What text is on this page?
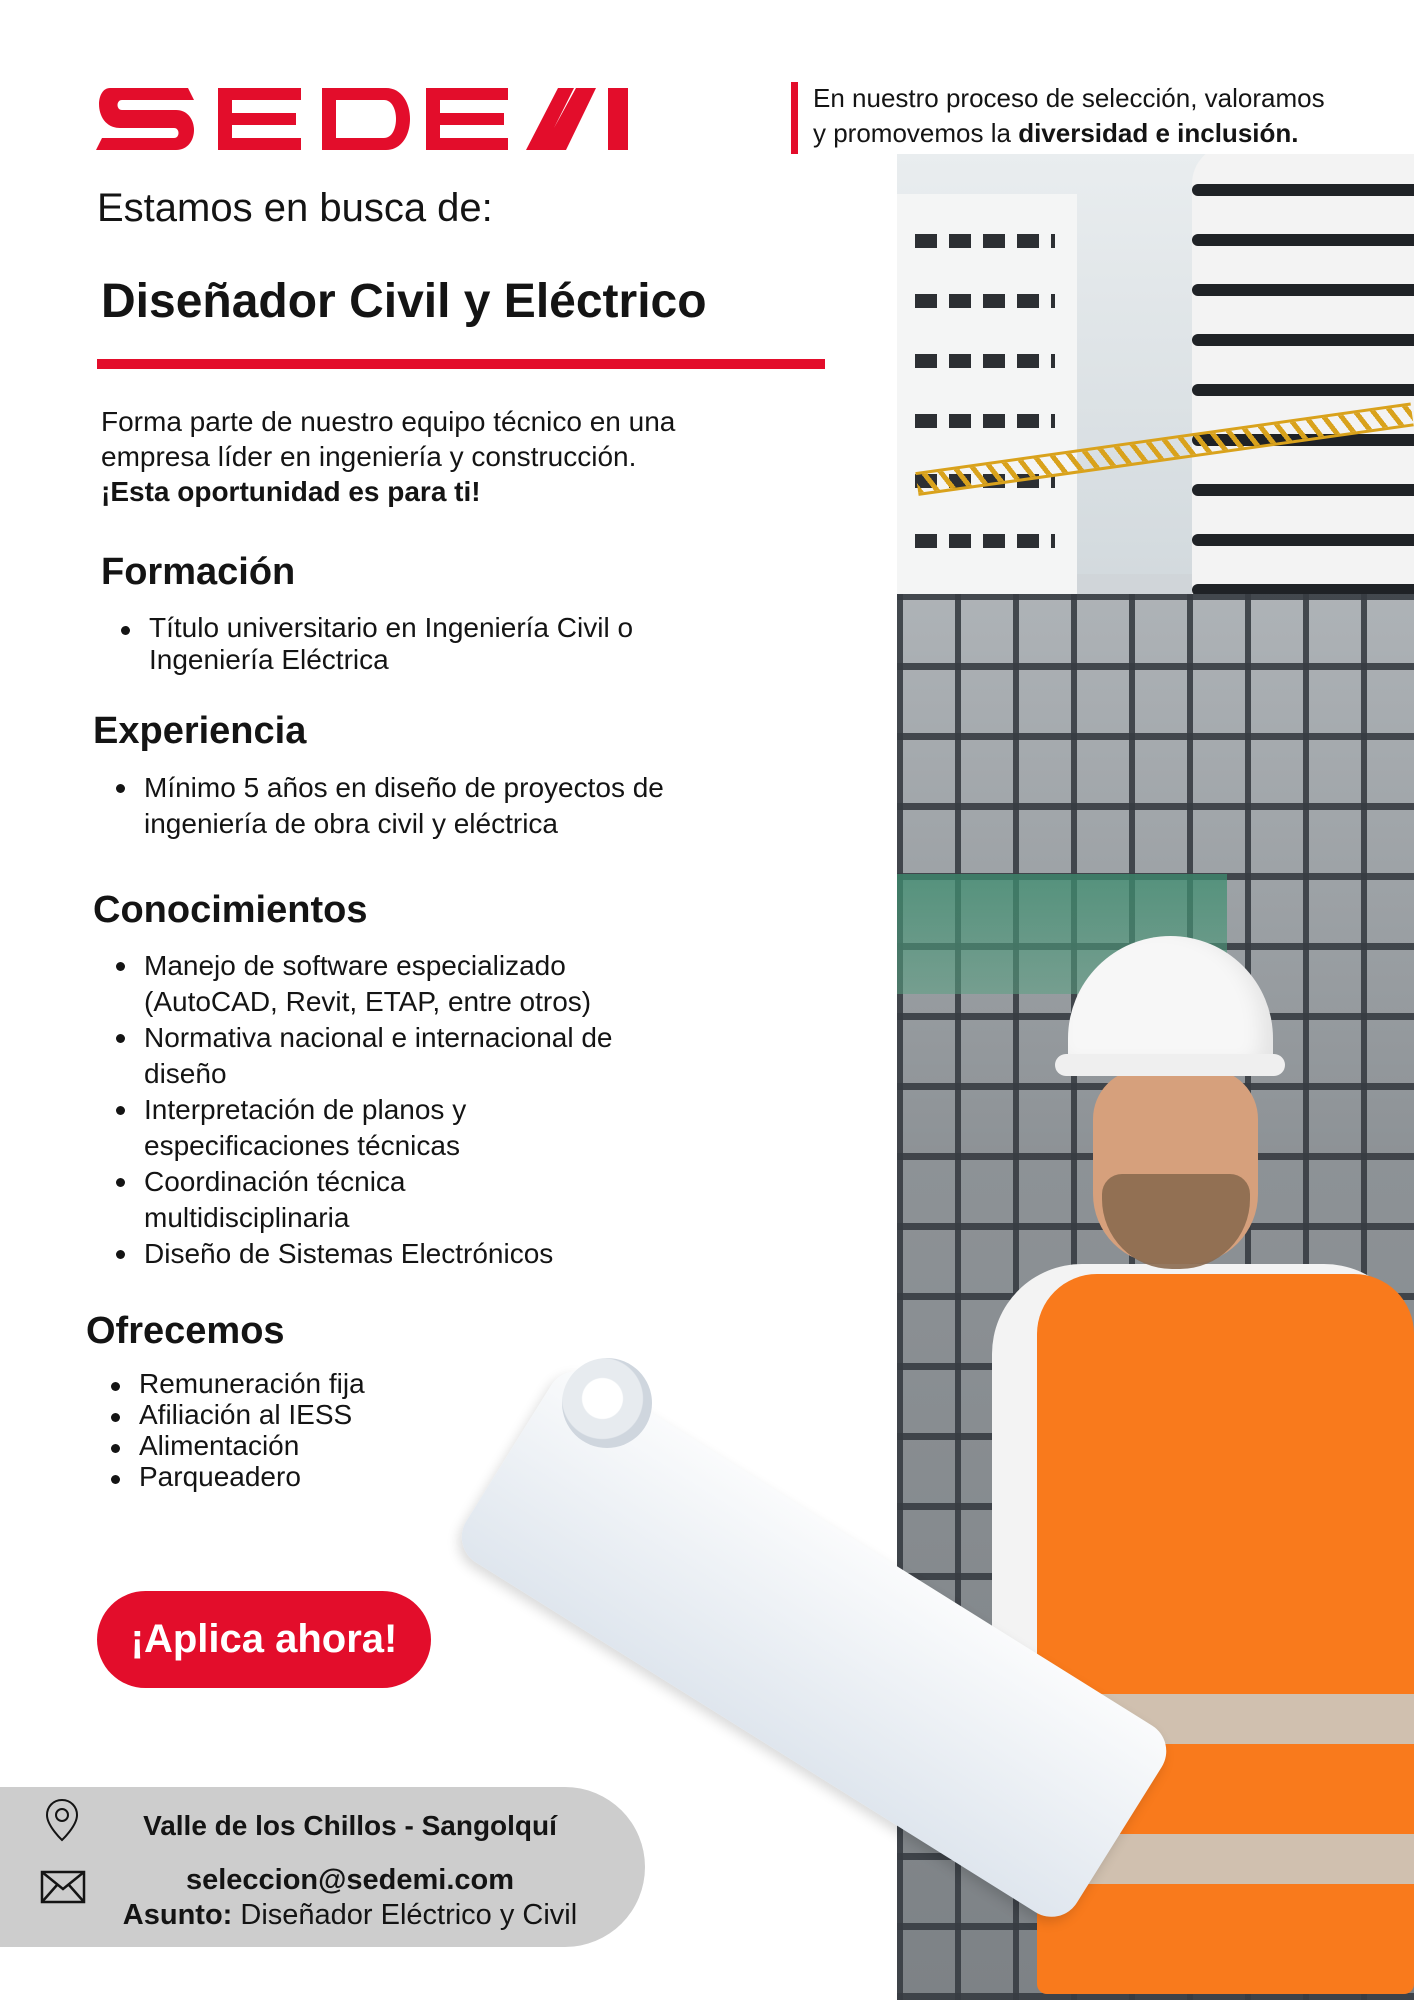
En nuestro proceso de selección, valoramos
y promovemos la diversidad e inclusión.
Estamos en busca de:
Diseñador Civil y Eléctrico
Forma parte de nuestro equipo técnico en una
empresa líder en ingeniería y construcción.
¡Esta oportunidad es para ti!
Formación
Título universitario en Ingeniería Civil o Ingeniería Eléctrica
Experiencia
Mínimo 5 años en diseño de proyectos de ingeniería de obra civil y eléctrica
Conocimientos
Manejo de software especializado (AutoCAD, Revit, ETAP, entre otros)
Normativa nacional e internacional de diseño
Interpretación de planos y especificaciones técnicas
Coordinación técnica multidisciplinaria
Diseño de Sistemas Electrónicos
Ofrecemos
Remuneración fija
Afiliación al IESS
Alimentación
Parqueadero
¡Aplica ahora!
Valle de los Chillos - Sangolquí
seleccion@sedemi.com
Asunto: Diseñador Eléctrico y Civil
